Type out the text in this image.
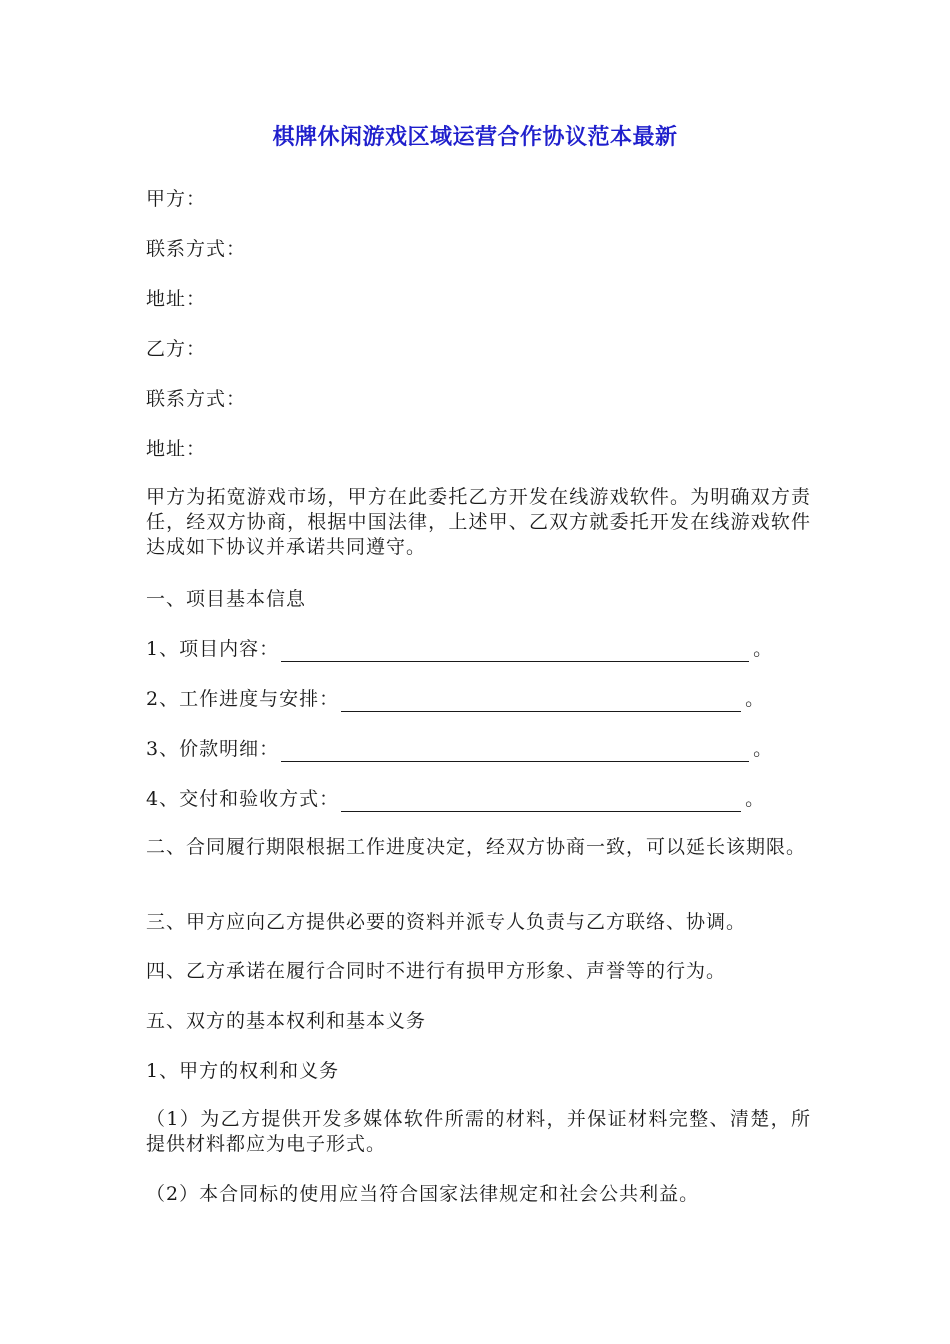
棋牌休闲游戏区域运营合作协议范本最新
甲方：
联系方式：
地址：
乙方：
联系方式：
地址：
甲方为拓宽游戏市场，甲方在此委托乙方开发在线游戏软件。为明确双方责任，经双方协商，根据中国法律，上述甲、乙双方就委托开发在线游戏软件达成如下协议并承诺共同遵守。
一、项目基本信息
1、项目内容：	。
2、工作进度与安排：	。
3、价款明细：	。
4、交付和验收方式：	。
二、合同履行期限根据工作进度决定，经双方协商一致，可以延长该期限。
三、甲方应向乙方提供必要的资料并派专人负责与乙方联络、协调。
四、乙方承诺在履行合同时不进行有损甲方形象、声誉等的行为。
五、双方的基本权利和基本义务
1、甲方的权利和义务
（1）为乙方提供开发多媒体软件所需的材料，并保证材料完整、清楚，所提供材料都应为电子形式。
（2）本合同标的使用应当符合国家法律规定和社会公共利益。
